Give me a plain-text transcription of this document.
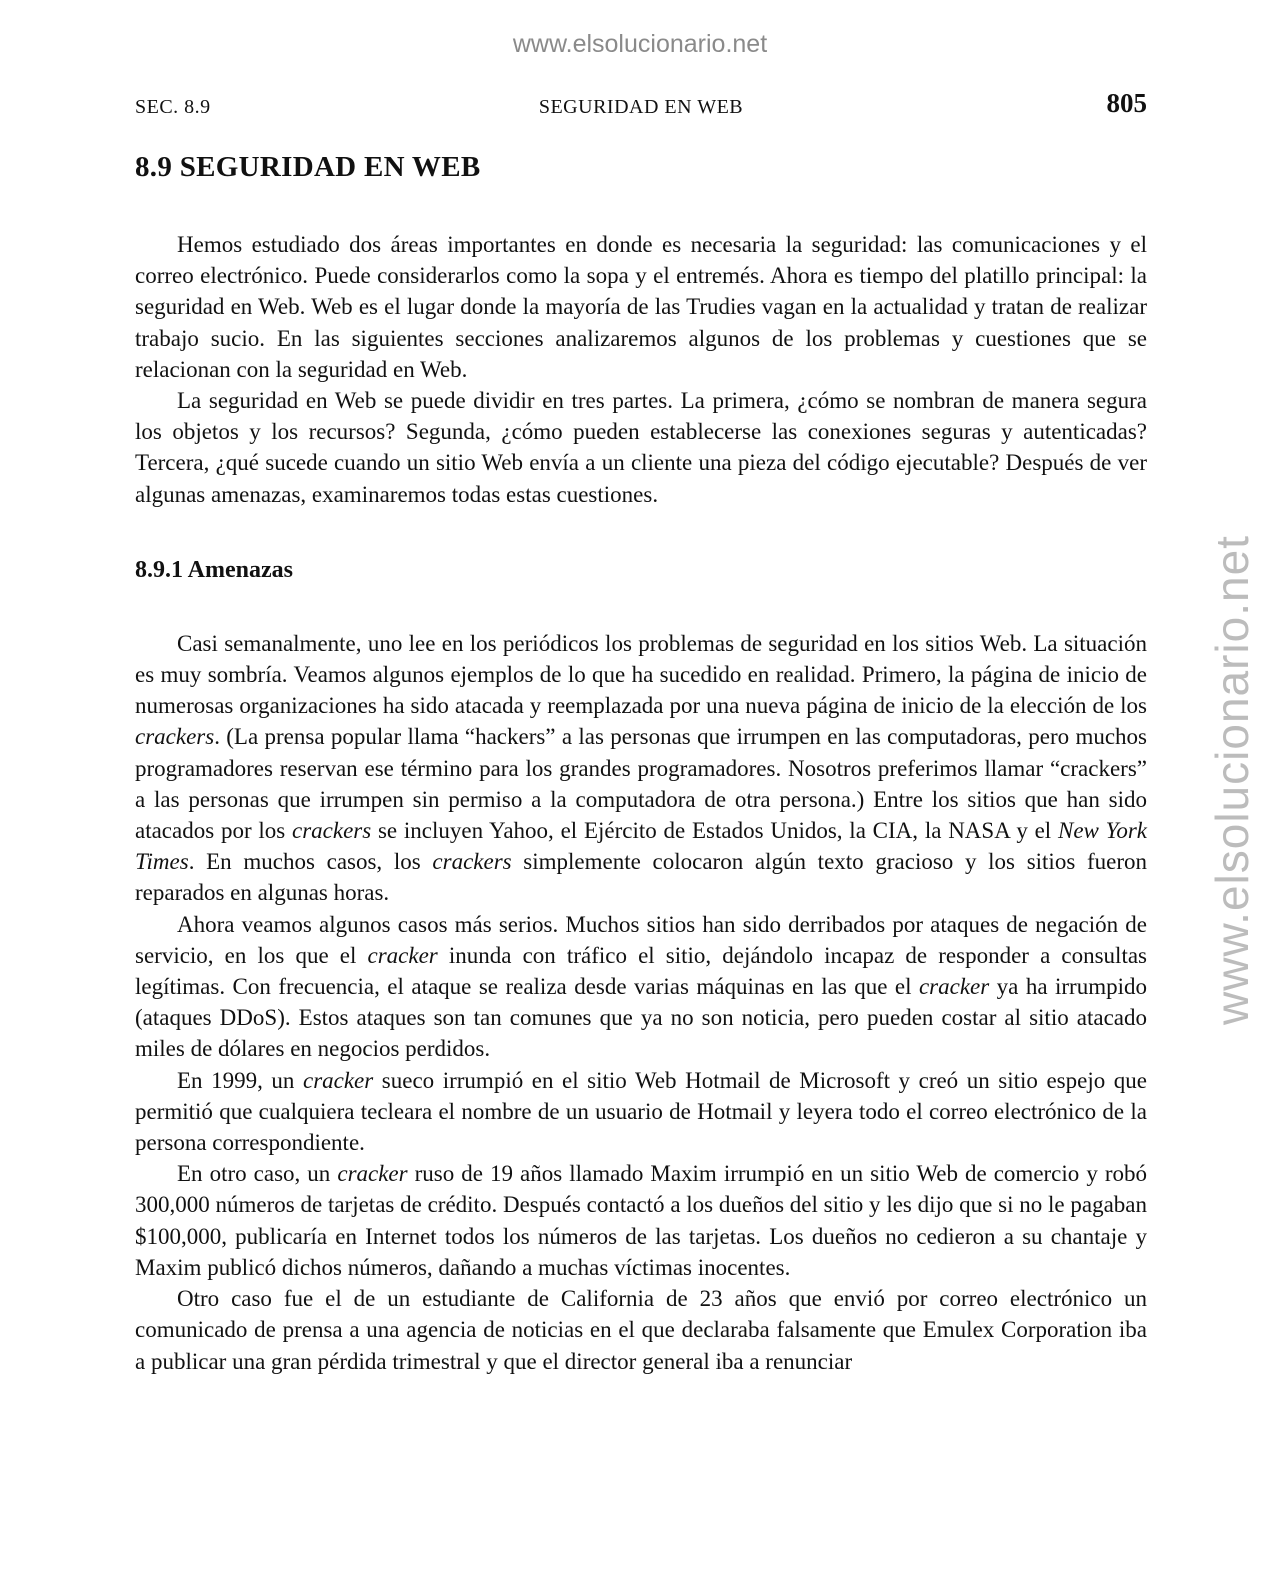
www.elsolucionario.net
www.elsolucionario.net
SEC. 8.9	SEGURIDAD EN WEB	805
8.9 SEGURIDAD EN WEB

Hemos estudiado dos áreas importantes en donde es necesaria la seguridad: las comunicaciones y el correo electrónico. Puede considerarlos como la sopa y el entremés. Ahora es tiempo del platillo principal: la seguridad en Web. Web es el lugar donde la mayoría de las Trudies vagan en la actualidad y tratan de realizar trabajo sucio. En las siguientes secciones analizaremos algunos de los problemas y cuestiones que se relacionan con la seguridad en Web.

La seguridad en Web se puede dividir en tres partes. La primera, ¿cómo se nombran de manera segura los objetos y los recursos? Segunda, ¿cómo pueden establecerse las conexiones seguras y autenticadas? Tercera, ¿qué sucede cuando un sitio Web envía a un cliente una pieza del código ejecutable? Después de ver algunas amenazas, examinaremos todas estas cuestiones.

8.9.1 Amenazas

Casi semanalmente, uno lee en los periódicos los problemas de seguridad en los sitios Web. La situación es muy sombría. Veamos algunos ejemplos de lo que ha sucedido en realidad. Primero, la página de inicio de numerosas organizaciones ha sido atacada y reemplazada por una nueva página de inicio de la elección de los crackers. (La prensa popular llama “hackers” a las personas que irrumpen en las computadoras, pero muchos programadores reservan ese término para los grandes programadores. Nosotros preferimos llamar “crackers” a las personas que irrumpen sin permiso a la computadora de otra persona.) Entre los sitios que han sido atacados por los crackers se incluyen Yahoo, el Ejército de Estados Unidos, la CIA, la NASA y el New York Times. En muchos casos, los crackers simplemente colocaron algún texto gracioso y los sitios fueron reparados en algunas horas.

Ahora veamos algunos casos más serios. Muchos sitios han sido derribados por ataques de negación de servicio, en los que el cracker inunda con tráfico el sitio, dejándolo incapaz de responder a consultas legítimas. Con frecuencia, el ataque se realiza desde varias máquinas en las que el cracker ya ha irrumpido (ataques DDoS). Estos ataques son tan comunes que ya no son noticia, pero pueden costar al sitio atacado miles de dólares en negocios perdidos.

En 1999, un cracker sueco irrumpió en el sitio Web Hotmail de Microsoft y creó un sitio espejo que permitió que cualquiera tecleara el nombre de un usuario de Hotmail y leyera todo el correo electrónico de la persona correspondiente.

En otro caso, un cracker ruso de 19 años llamado Maxim irrumpió en un sitio Web de comercio y robó 300,000 números de tarjetas de crédito. Después contactó a los dueños del sitio y les dijo que si no le pagaban $100,000, publicaría en Internet todos los números de las tarjetas. Los dueños no cedieron a su chantaje y Maxim publicó dichos números, dañando a muchas víctimas inocentes.

Otro caso fue el de un estudiante de California de 23 años que envió por correo electrónico un comunicado de prensa a una agencia de noticias en el que declaraba falsamente que Emulex Corporation iba a publicar una gran pérdida trimestral y que el director general iba a renunciar
